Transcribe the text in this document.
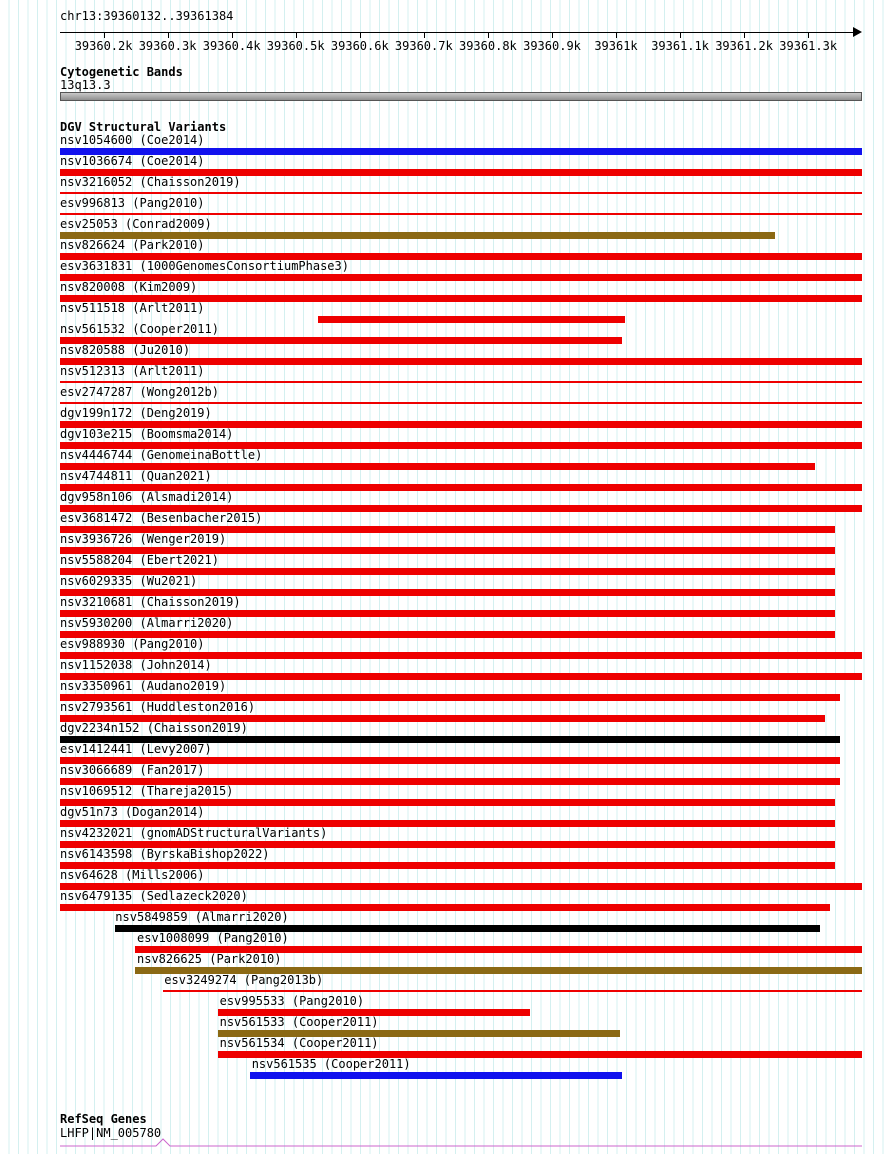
chr13:39360132..39361384
39360.2k 39360.3k 39360.4k 39360.5k 39360.6k 39360.7k 39360.8k 39360.9k	39361k	39361.1k 39361.2k 39361.3k
Cytogenetic Bands
13q13.3
DGV Structural Variants
nsv1054600 (Coe2014)
nsv1036674 (Coe2014)
nsv3216052 (Chaisson2019)
esv996813 (Pang2010)
esv25053 (Conrad2009)
nsv826624 (Park2010)
esv3631831 (1000GenomesConsortiumPhase3)
nsv820008 (Kim2009)
nsv511518 (Arlt2011)
nsv561532 (Cooper2011)
nsv820588 (Ju2010)
nsv512313 (Arlt2011)
esv2747287 (Wong2012b)
dgv199n172 (Deng2019)
dgv103e215 (Boomsma2014)
nsv4446744 (GenomeinaBottle)
nsv4744811 (Quan2021)
dgv958n106 (Alsmadi2014)
esv3681472 (Besenbacher2015)
nsv3936726 (Wenger2019)
nsv5588204 (Ebert2021)
nsv6029335 (Wu2021)
nsv3210681 (Chaisson2019)
nsv5930200 (Almarri2020)
esv988930 (Pang2010)
nsv1152038 (John2014)
nsv3350961 (Audano2019)
nsv2793561 (Huddleston2016)
dgv2234n152 (Chaisson2019)
esv1412441 (Levy2007)
nsv3066689 (Fan2017)
nsv1069512 (Thareja2015)
dgv51n73 (Dogan2014)
nsv4232021 (gnomADStructuralVariants)
nsv6143598 (ByrskaBishop2022)
nsv64628 (Mills2006)
nsv6479135 (Sedlazeck2020)
nsv5849859 (Almarri2020)
esv1008099 (Pang2010)
nsv826625 (Park2010)
esv3249274 (Pang2013b)
esv995533 (Pang2010)
nsv561533 (Cooper2011)
nsv561534 (Cooper2011)
nsv561535 (Cooper2011)
RefSeq Genes
LHFP|NM_005780
